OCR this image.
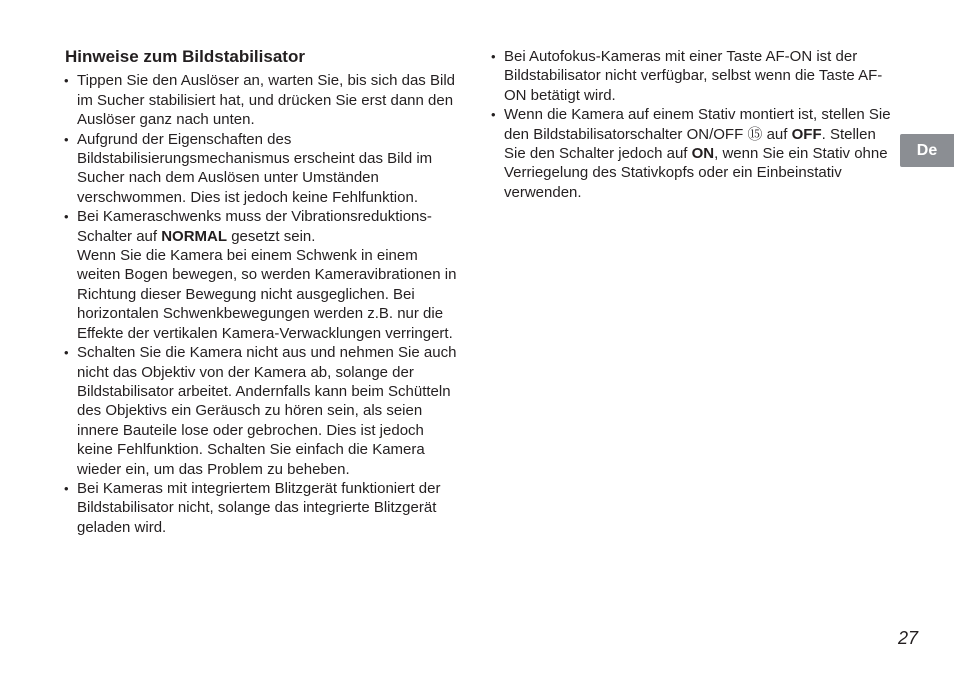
Hinweise zum Bildstabilisator
• Tippen Sie den Auslöser an, warten Sie, bis sich das Bild im Sucher stabilisiert hat, und drücken Sie erst dann den Auslöser ganz nach unten.
• Aufgrund der Eigenschaften des Bildstabilisierungsmechanismus erscheint das Bild im Sucher nach dem Auslösen unter Umständen verschwommen. Dies ist jedoch keine Fehlfunktion.
• Bei Kameraschwenks muss der Vibrationsreduktions-Schalter auf NORMAL gesetzt sein.
Wenn Sie die Kamera bei einem Schwenk in einem weiten Bogen bewegen, so werden Kameravibrationen in Richtung dieser Bewegung nicht ausgeglichen. Bei horizontalen Schwenkbewegungen werden z.B. nur die Effekte der vertikalen Kamera-Verwacklungen verringert.
• Schalten Sie die Kamera nicht aus und nehmen Sie auch nicht das Objektiv von der Kamera ab, solange der Bildstabilisator arbeitet. Andernfalls kann beim Schütteln des Objektivs ein Geräusch zu hören sein, als seien innere Bauteile lose oder gebrochen. Dies ist jedoch keine Fehlfunktion. Schalten Sie einfach die Kamera wieder ein, um das Problem zu beheben.
• Bei Kameras mit integriertem Blitzgerät funktioniert der Bildstabilisator nicht, solange das integrierte Blitzgerät geladen wird.
• Bei Autofokus-Kameras mit einer Taste AF-ON ist der Bildstabilisator nicht verfügbar, selbst wenn die Taste AF-ON betätigt wird.
• Wenn die Kamera auf einem Stativ montiert ist, stellen Sie den Bildstabilisatorschalter ON/OFF ⑮ auf OFF. Stellen Sie den Schalter jedoch auf ON, wenn Sie ein Stativ ohne Verriegelung des Stativkopfs oder ein Einbeinstativ verwenden.
De
27
